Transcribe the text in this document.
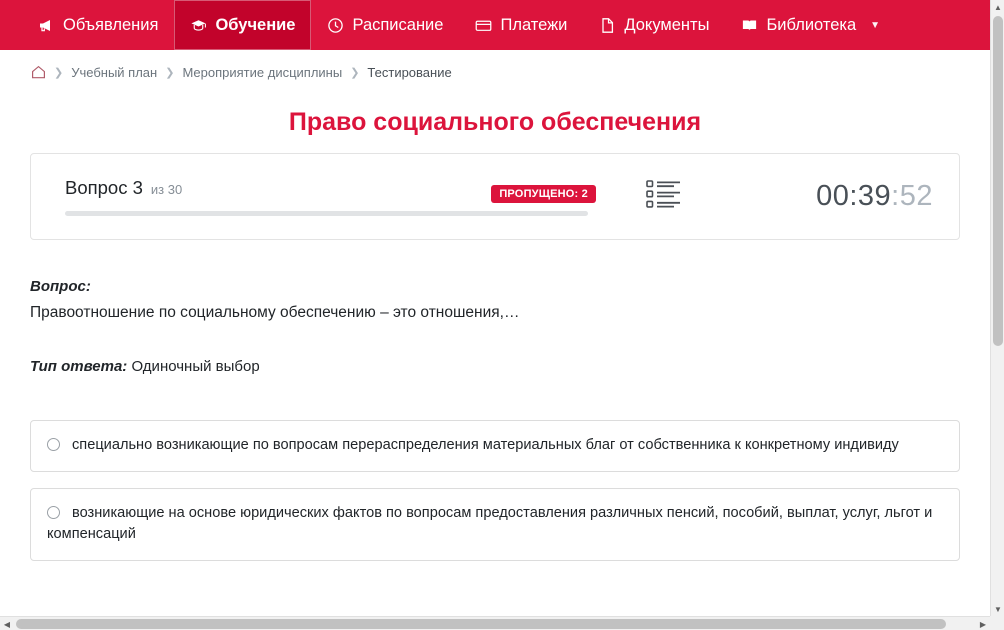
Объявления	Обучение	Расписание	Платежи	Документы	Библиотека ▼
❯ Учебный план ❯ Мероприятие дисциплины ❯ Тестирование
Право социального обеспечения
Вопрос 3 из 30	ПРОПУЩЕНО: 2	00:39:52
Вопрос:
Правоотношение по социальному обеспечению – это отношения,…
Тип ответа: Одиночный выбор
специально возникающие по вопросам перераспределения материальных благ от собственника к конкретному индивиду
возникающие на основе юридических фактов по вопросам предоставления различных пенсий, пособий, выплат, услуг, льгот и компенсаций
▲
▼
◀	▶
